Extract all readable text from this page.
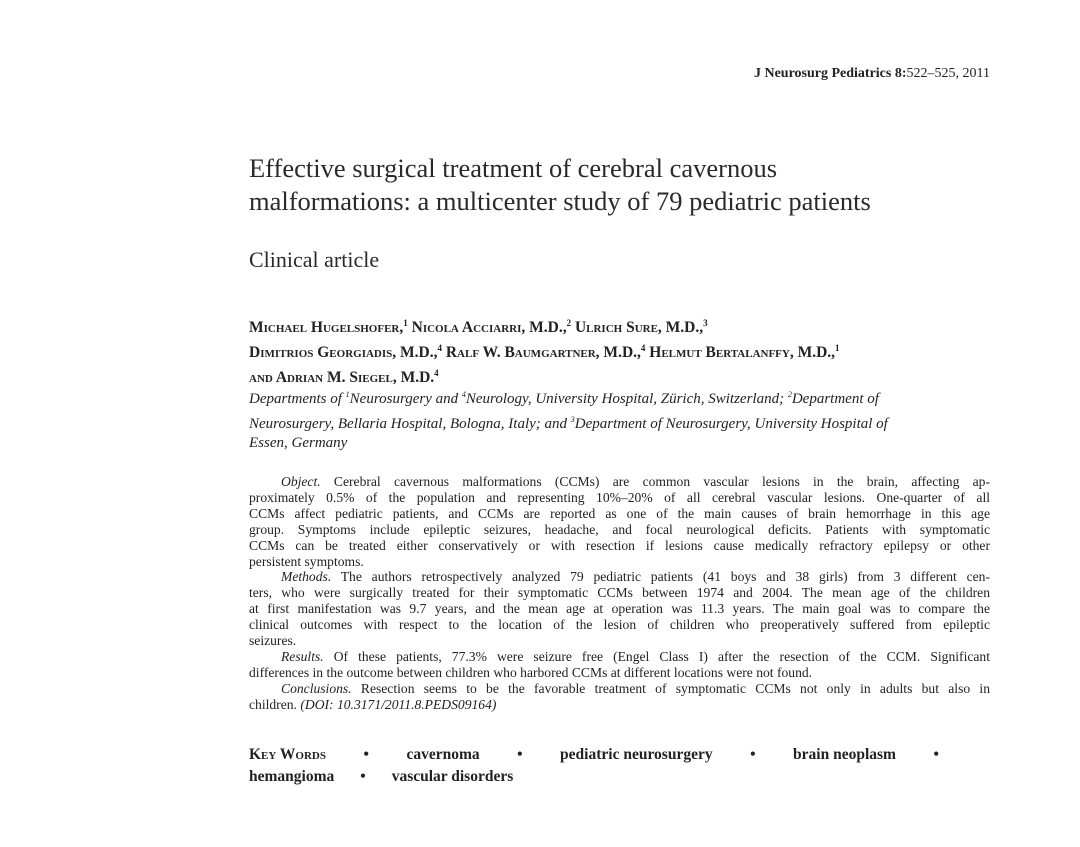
J Neurosurg Pediatrics 8:522–525, 2011
Effective surgical treatment of cerebral cavernous
malformations: a multicenter study of 79 pediatric patients
Clinical article
Michael Hugelshofer,$^1$ Nicola Acciarri, M.D.,$^2$ Ulrich Sure, M.D.,$^3$
Dimitrios Georgiadis, M.D.,$^4$ Ralf W. Baumgartner, M.D.,$^4$ Helmut Bertalanffy, M.D.,$^1$
and Adrian M. Siegel, M.D.$^4$
Departments of $^1$Neurosurgery and $^4$Neurology, University Hospital, Zürich, Switzerland; $^2$Department of
Neurosurgery, Bellaria Hospital, Bologna, Italy; and $^3$Department of Neurosurgery, University Hospital of
Essen, Germany
Object. Cerebral cavernous malformations (CCMs) are common vascular lesions in the brain, affecting ap-
proximately 0.5% of the population and representing 10%–20% of all cerebral vascular lesions. One-quarter of all
CCMs affect pediatric patients, and CCMs are reported as one of the main causes of brain hemorrhage in this age
group. Symptoms include epileptic seizures, headache, and focal neurological deficits. Patients with symptomatic
CCMs can be treated either conservatively or with resection if lesions cause medically refractory epilepsy or other
persistent symptoms.
Methods. The authors retrospectively analyzed 79 pediatric patients (41 boys and 38 girls) from 3 different cen-
ters, who were surgically treated for their symptomatic CCMs between 1974 and 2004. The mean age of the children
at first manifestation was 9.7 years, and the mean age at operation was 11.3 years. The main goal was to compare the
clinical outcomes with respect to the location of the lesion of children who preoperatively suffered from epileptic
seizures.
Results. Of these patients, 77.3% were seizure free (Engel Class I) after the resection of the CCM. Significant
differences in the outcome between children who harbored CCMs at different locations were not found.
Conclusions. Resection seems to be the favorable treatment of symptomatic CCMs not only in adults but also in
children. (DOI: 10.3171/2011.8.PEDS09164)
Key Words • cavernoma • pediatric neurosurgery • brain neoplasm •
hemangioma • vascular disorders
